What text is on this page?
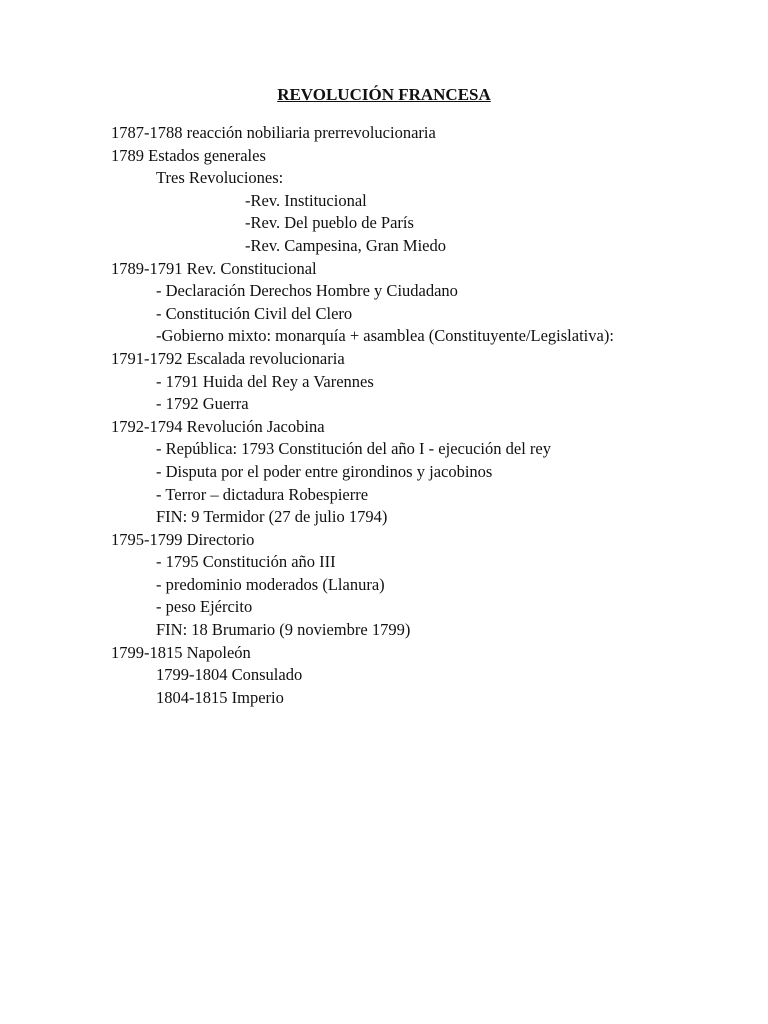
REVOLUCIÓN FRANCESA
1787-1788 reacción nobiliaria prerrevolucionaria
1789 Estados generales
Tres Revoluciones:
-Rev. Institucional
-Rev. Del pueblo de París
-Rev. Campesina, Gran Miedo
1789-1791 Rev. Constitucional
- Declaración Derechos Hombre y Ciudadano
- Constitución Civil del Clero
-Gobierno mixto: monarquía + asamblea (Constituyente/Legislativa):
1791-1792 Escalada revolucionaria
- 1791 Huida del Rey a Varennes
- 1792 Guerra
1792-1794 Revolución Jacobina
- República: 1793 Constitución del año I - ejecución del rey
- Disputa por el poder entre girondinos y jacobinos
- Terror – dictadura Robespierre
FIN: 9 Termidor (27 de julio 1794)
1795-1799 Directorio
- 1795 Constitución año III
- predominio moderados (Llanura)
- peso Ejército
FIN: 18 Brumario (9 noviembre 1799)
1799-1815 Napoleón
1799-1804 Consulado
1804-1815 Imperio
